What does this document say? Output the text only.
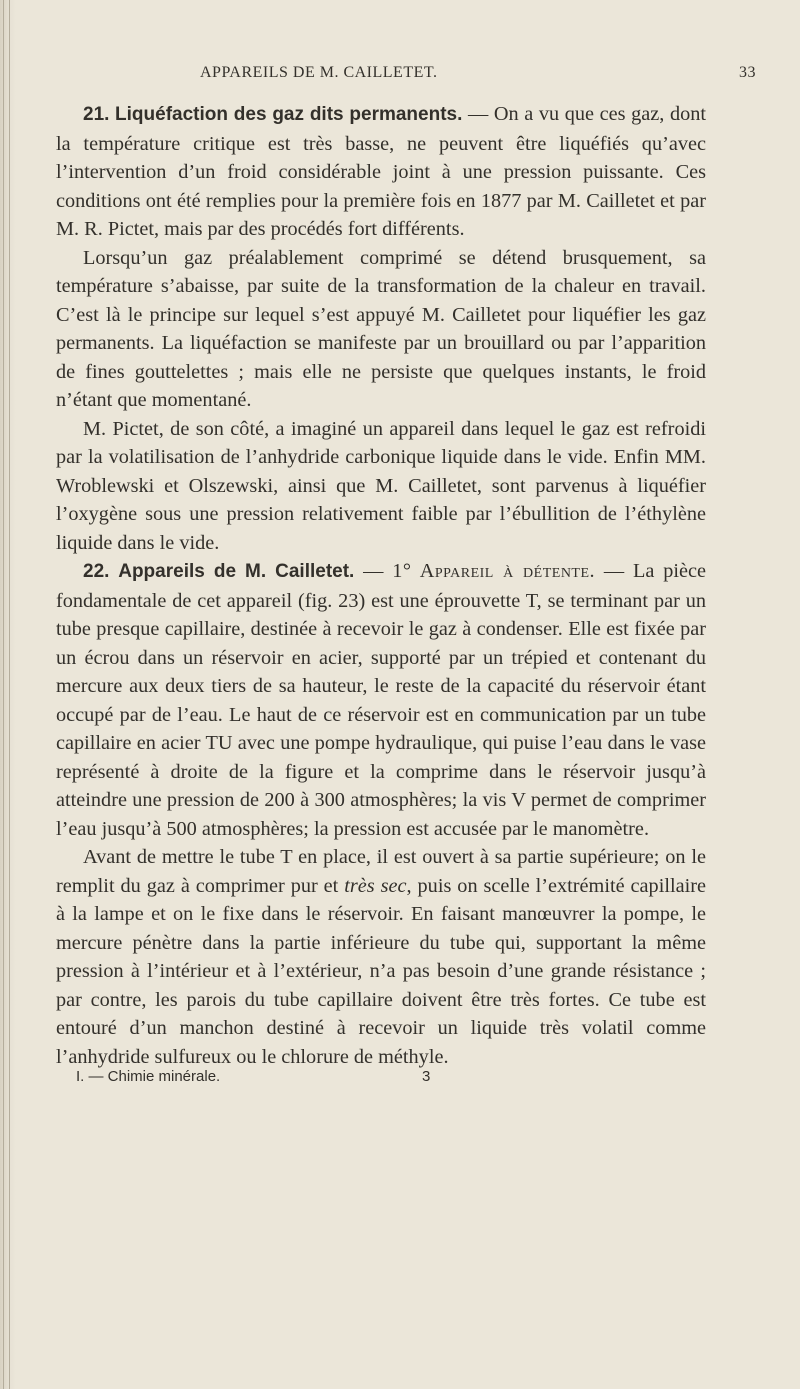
APPAREILS DE M. CAILLETET.	33

21. Liquéfaction des gaz dits permanents. — On a vu que ces gaz, dont la température critique est très basse, ne peuvent être liquéfiés qu’avec l’intervention d’un froid considérable joint à une pression puissante. Ces conditions ont été remplies pour la première fois en 1877 par M. Cailletet et par M. R. Pictet, mais par des procédés fort différents.

Lorsqu’un gaz préalablement comprimé se détend brusquement, sa température s’abaisse, par suite de la transformation de la chaleur en travail. C’est là le principe sur lequel s’est appuyé M. Cailletet pour liquéfier les gaz permanents. La liquéfaction se manifeste par un brouillard ou par l’apparition de fines gouttelettes ; mais elle ne persiste que quelques instants, le froid n’étant que momentané.

M. Pictet, de son côté, a imaginé un appareil dans lequel le gaz est refroidi par la volatilisation de l’anhydride carbonique liquide dans le vide. Enfin MM. Wroblewski et Olszewski, ainsi que M. Cailletet, sont parvenus à liquéfier l’oxygène sous une pression relativement faible par l’ébullition de l’éthylène liquide dans le vide.

22. Appareils de M. Cailletet. — 1° Appareil à détente. — La pièce fondamentale de cet appareil (fig. 23) est une éprouvette T, se terminant par un tube presque capillaire, destinée à recevoir le gaz à condenser. Elle est fixée par un écrou dans un réservoir en acier, supporté par un trépied et contenant du mercure aux deux tiers de sa hauteur, le reste de la capacité du réservoir étant occupé par de l’eau. Le haut de ce réservoir est en communication par un tube capillaire en acier TU avec une pompe hydraulique, qui puise l’eau dans le vase représenté à droite de la figure et la comprime dans le réservoir jusqu’à atteindre une pression de 200 à 300 atmosphères; la vis V permet de comprimer l’eau jusqu’à 500 atmosphères; la pression est accusée par le manomètre.

Avant de mettre le tube T en place, il est ouvert à sa partie supérieure; on le remplit du gaz à comprimer pur et très sec, puis on scelle l’extrémité capillaire à la lampe et on le fixe dans le réservoir. En faisant manœuvrer la pompe, le mercure pénètre dans la partie inférieure du tube qui, supportant la même pression à l’intérieur et à l’extérieur, n’a pas besoin d’une grande résistance ; par contre, les parois du tube capillaire doivent être très fortes. Ce tube est entouré d’un manchon destiné à recevoir un liquide très volatil comme l’anhydride sulfureux ou le chlorure de méthyle.

I. — Chimie minérale.	3
